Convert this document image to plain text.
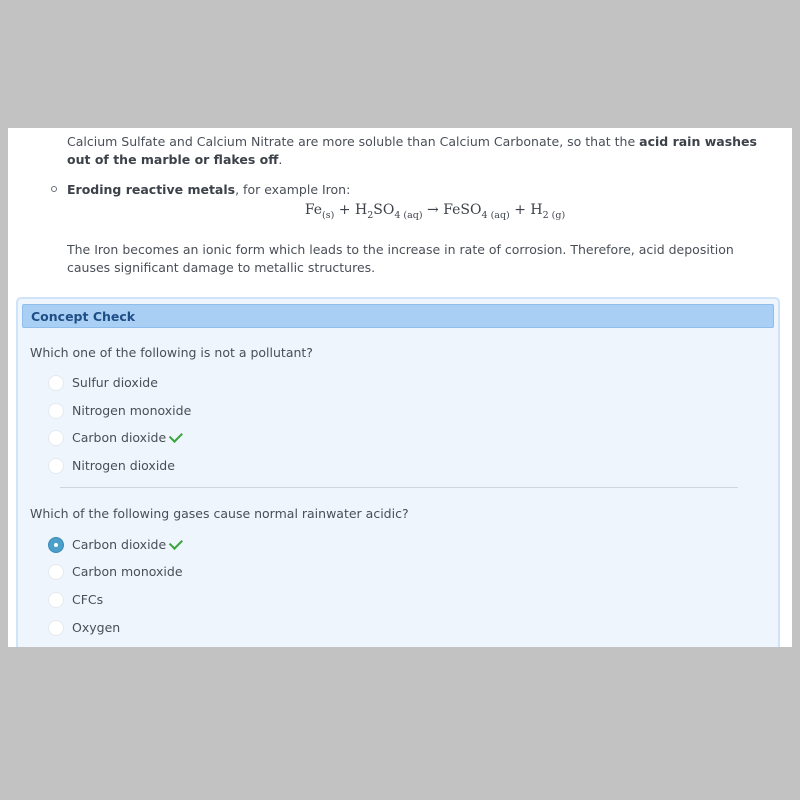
Calcium Sulfate and Calcium Nitrate are more soluble than Calcium Carbonate, so that the acid rain washes out of the marble or flakes off.
Eroding reactive metals, for example Iron:
$Fe_{(s)} + H_2SO_{4 (aq)}$ → FeSO$_{4 (aq)}$ + $H_{2 (g)}$
The Iron becomes an ionic form which leads to the increase in rate of corrosion. Therefore, acid deposition causes significant damage to metallic structures.
Concept Check
Which one of the following is not a pollutant?
Sulfur dioxide
Nitrogen monoxide
Carbon dioxide
Nitrogen dioxide
Which of the following gases cause normal rainwater acidic?
Carbon dioxide
Carbon monoxide
CFCs
Oxygen
